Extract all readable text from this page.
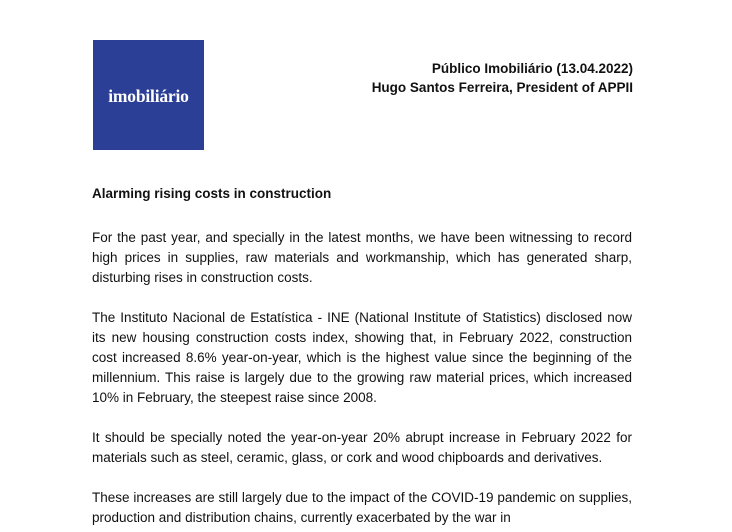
imobiliário
Público Imobiliário (13.04.2022)
Hugo Santos Ferreira, President of APPII
Alarming rising costs in construction

For the past year, and specially in the latest months, we have been witnessing to record high prices in supplies, raw materials and workmanship, which has generated sharp, disturbing rises in construction costs.

The Instituto Nacional de Estatística - INE (National Institute of Statistics) disclosed now its new housing construction costs index, showing that, in February 2022, construction cost increased 8.6% year-on-year, which is the highest value since the beginning of the millennium. This raise is largely due to the growing raw material prices, which increased 10% in February, the steepest raise since 2008.

It should be specially noted the year-on-year 20% abrupt increase in February 2022 for materials such as steel, ceramic, glass, or cork and wood chipboards and derivatives.

These increases are still largely due to the impact of the COVID-19 pandemic on supplies, production and distribution chains, currently exacerbated by the war in
